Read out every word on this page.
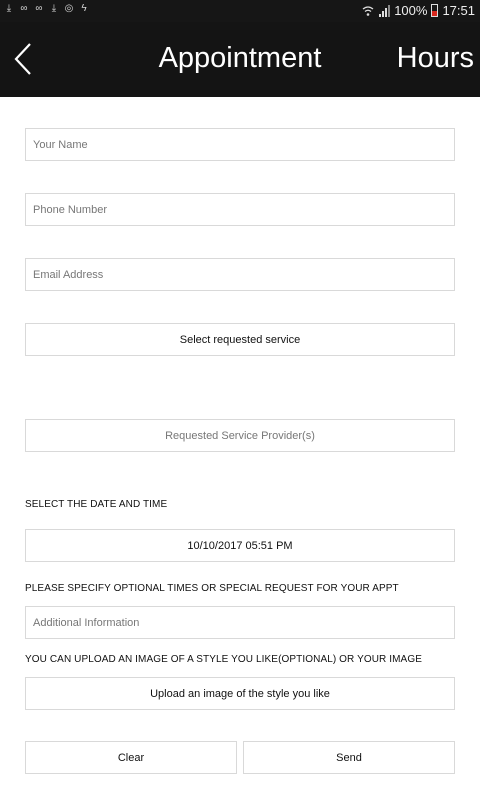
⤓ ∞ ∞ ⤓ ◎ ϟ	100% 17:51
Appointment	Hours
Your Name
Phone Number
Email Address
Select requested service
Requested Service Provider(s)
SELECT THE DATE AND TIME
10/10/2017 05:51 PM
PLEASE SPECIFY OPTIONAL TIMES OR SPECIAL REQUEST FOR YOUR APPT
Additional Information
YOU CAN UPLOAD AN IMAGE OF A STYLE YOU LIKE(OPTIONAL) OR YOUR IMAGE
Upload an image of the style you like
Clear	Send
